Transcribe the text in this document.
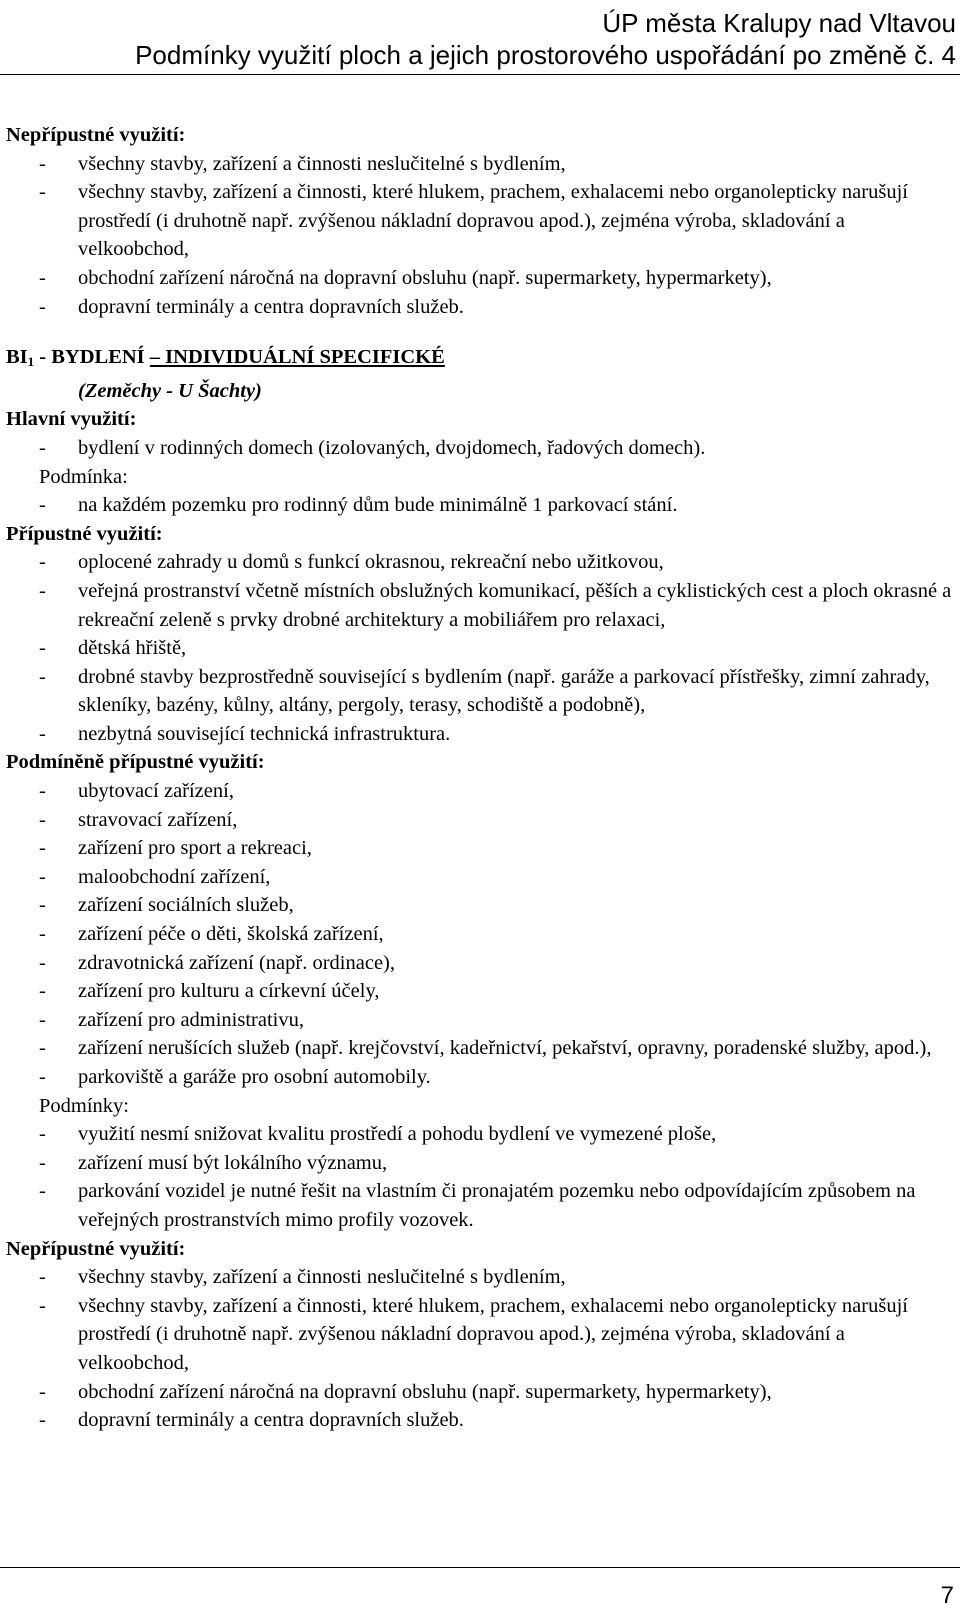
ÚP města Kralupy nad Vltavou
Podmínky využití ploch a jejich prostorového uspořádání po změně č. 4
Nepřípustné využití:
- všechny stavby, zařízení a činnosti neslučitelné s bydlením,
- všechny stavby, zařízení a činnosti, které hlukem, prachem, exhalacemi nebo organolepticky narušují prostředí (i druhotně např. zvýšenou nákladní dopravou apod.), zejména výroba, skladování a velkoobchod,
- obchodní zařízení náročná na dopravní obsluhu (např. supermarkety, hypermarkety),
- dopravní terminály a centra dopravních služeb.
$BI_1$ - BYDLENÍ – INDIVIDUÁLNÍ SPECIFICKÉ
(Zeměchy - U Šachty)
Hlavní využití:
- bydlení v rodinných domech (izolovaných, dvojdomech, řadových domech).
Podmínka:
- na každém pozemku pro rodinný dům bude minimálně 1 parkovací stání.
Přípustné využití:
- oplocené zahrady u domů s funkcí okrasnou, rekreační nebo užitkovou,
- veřejná prostranství včetně místních obslužných komunikací, pěších a cyklistických cest a ploch okrasné a rekreační zeleně s prvky drobné architektury a mobiliářem pro relaxaci,
- dětská hřiště,
- drobné stavby bezprostředně související s bydlením (např. garáže a parkovací přístřešky, zimní zahrady, skleníky, bazény, kůlny, altány, pergoly, terasy, schodiště a podobně),
- nezbytná související technická infrastruktura.
Podmíněně přípustné využití:
- ubytovací zařízení,
- stravovací zařízení,
- zařízení pro sport a rekreaci,
- maloobchodní zařízení,
- zařízení sociálních služeb,
- zařízení péče o děti, školská zařízení,
- zdravotnická zařízení (např. ordinace),
- zařízení pro kulturu a církevní účely,
- zařízení pro administrativu,
- zařízení nerušících služeb (např. krejčovství, kadeřnictví, pekařství, opravny, poradenské služby, apod.),
- parkoviště a garáže pro osobní automobily.
Podmínky:
- využití nesmí snižovat kvalitu prostředí a pohodu bydlení ve vymezené ploše,
- zařízení musí být lokálního významu,
- parkování vozidel je nutné řešit na vlastním či pronajatém pozemku nebo odpovídajícím způsobem na veřejných prostranstvích mimo profily vozovek.
Nepřípustné využití:
- všechny stavby, zařízení a činnosti neslučitelné s bydlením,
- všechny stavby, zařízení a činnosti, které hlukem, prachem, exhalacemi nebo organolepticky narušují prostředí (i druhotně např. zvýšenou nákladní dopravou apod.), zejména výroba, skladování a velkoobchod,
- obchodní zařízení náročná na dopravní obsluhu (např. supermarkety, hypermarkety),
- dopravní terminály a centra dopravních služeb.
7
